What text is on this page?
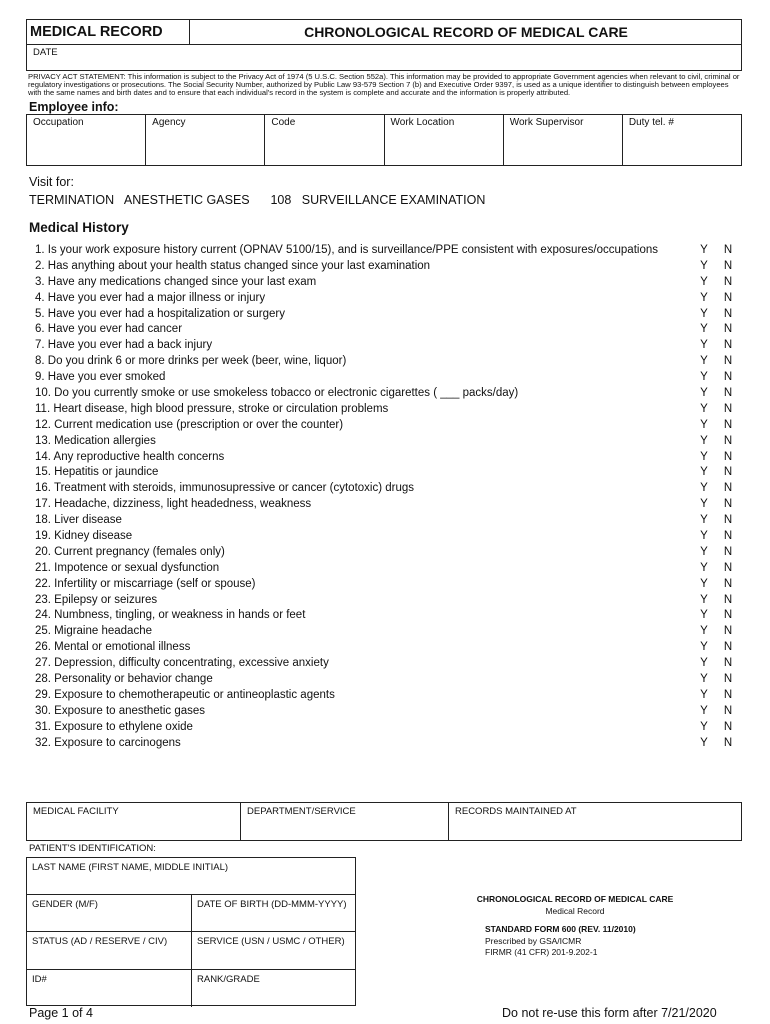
MEDICAL RECORD	CHRONOLOGICAL RECORD OF MEDICAL CARE
DATE
PRIVACY ACT STATEMENT: This information is subject to the Privacy Act of 1974 (5 U.S.C. Section 552a). This information may be provided to appropriate Government agencies when relevant to civil, criminal or regulatory investigations or prosecutions. The Social Security Number, authorized by Public Law 93-579 Section 7 (b) and Executive Order 9397, is used as a unique identifier to distinguish between employees with the same names and birth dates and to ensure that each individual's record in the system is complete and accurate and the information is properly attributed.
Employee info:
Occupation	Agency	Code	Work Location	Work Supervisor	Duty tel. #
Visit for:
TERMINATION   ANESTHETIC GASES      108   SURVEILLANCE EXAMINATION
Medical History
1. Is your work exposure history current (OPNAV 5100/15), and is surveillance/PPE consistent with exposures/occupations	Y	N
2. Has anything about your health status changed since your last examination	Y	N
3. Have any medications changed since your last exam	Y	N
4. Have you ever had a major illness or injury	Y	N
5. Have you ever had a hospitalization or surgery	Y	N
6. Have you ever had cancer	Y	N
7. Have you ever had a back injury	Y	N
8. Do you drink 6 or more drinks per week (beer, wine, liquor)	Y	N
9. Have you ever smoked	Y	N
10. Do you currently smoke or use smokeless tobacco or electronic cigarettes ( ___ packs/day)	Y	N
11. Heart disease, high blood pressure, stroke or circulation problems	Y	N
12. Current medication use (prescription or over the counter)	Y	N
13. Medication allergies	Y	N
14. Any reproductive health concerns	Y	N
15. Hepatitis or jaundice	Y	N
16. Treatment with steroids, immunosupressive or cancer (cytotoxic) drugs	Y	N
17. Headache, dizziness, light headedness, weakness	Y	N
18. Liver disease	Y	N
19. Kidney disease	Y	N
20. Current pregnancy (females only)	Y	N
21. Impotence or sexual dysfunction	Y	N
22. Infertility or miscarriage (self or spouse)	Y	N
23. Epilepsy or seizures	Y	N
24. Numbness, tingling, or weakness in hands or feet	Y	N
25. Migraine headache	Y	N
26. Mental or emotional illness	Y	N
27. Depression, difficulty concentrating, excessive anxiety	Y	N
28. Personality or behavior change	Y	N
29. Exposure to chemotherapeutic or antineoplastic agents	Y	N
30. Exposure to anesthetic gases	Y	N
31. Exposure to ethylene oxide	Y	N
32. Exposure to carcinogens	Y	N
MEDICAL FACILITY	DEPARTMENT/SERVICE	RECORDS MAINTAINED AT
PATIENT'S IDENTIFICATION:
LAST NAME (FIRST NAME, MIDDLE INITIAL)
GENDER (M/F)	DATE OF BIRTH (DD-MMM-YYYY)
STATUS (AD / RESERVE / CIV)	SERVICE (USN / USMC / OTHER)
ID#	RANK/GRADE
CHRONOLOGICAL RECORD OF MEDICAL CARE
Medical Record
STANDARD FORM 600 (REV. 11/2010)
Prescribed by GSA/ICMR
FIRMR (41 CFR) 201-9.202-1
Page 1 of 4	Do not re-use this form after 7/21/2020
